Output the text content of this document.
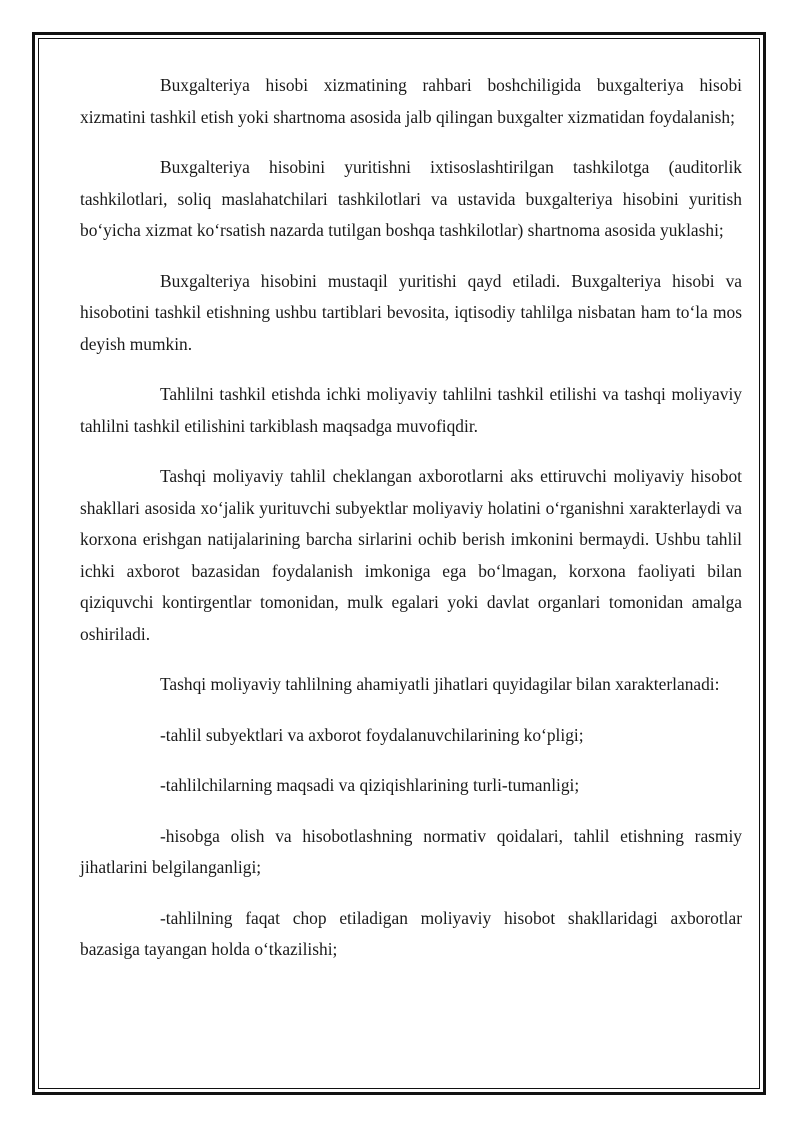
Buxgalteriya hisobi xizmatining rahbari boshchiligida buxgalteriya hisobi xizmatini tashkil etish yoki shartnoma asosida jalb qilingan buxgalter xizmatidan foydalanish;

Buxgalteriya hisobini yuritishni ixtisoslashtirilgan tashkilotga (auditorlik tashkilotlari, soliq maslahatchilari tashkilotlari va ustavida buxgalteriya hisobini yuritish bo‘yicha xizmat ko‘rsatish nazarda tutilgan boshqa tashkilotlar) shartnoma asosida yuklashi;

Buxgalteriya hisobini mustaqil yuritishi qayd etiladi. Buxgalteriya hisobi va hisobotini tashkil etishning ushbu tartiblari bevosita, iqtisodiy tahlilga nisbatan ham to‘la mos deyish mumkin.

Tahlilni tashkil etishda ichki moliyaviy tahlilni tashkil etilishi va tashqi moliyaviy tahlilni tashkil etilishini tarkiblash maqsadga muvofiqdir.

Tashqi moliyaviy tahlil cheklangan axborotlarni aks ettiruvchi moliyaviy hisobot shakllari asosida xo‘jalik yurituvchi subyektlar moliyaviy holatini o‘rganishni xarakterlaydi va korxona erishgan natijalarining barcha sirlarini ochib berish imkonini bermaydi. Ushbu tahlil ichki axborot bazasidan foydalanish imkoniga ega bo‘lmagan, korxona faoliyati bilan qiziquvchi kontirgentlar tomonidan, mulk egalari yoki davlat organlari tomonidan amalga oshiriladi.

Tashqi moliyaviy tahlilning ahamiyatli jihatlari quyidagilar bilan xarakterlanadi:

-tahlil subyektlari va axborot foydalanuvchilarining ko‘pligi;

-tahlilchilarning maqsadi va qiziqishlarining turli-tumanligi;

-hisobga olish va hisobotlashning normativ qoidalari, tahlil etishning rasmiy jihatlarini belgilanganligi;

-tahlilning faqat chop etiladigan moliyaviy hisobot shakllaridagi axborotlar bazasiga tayangan holda o‘tkazilishi;
